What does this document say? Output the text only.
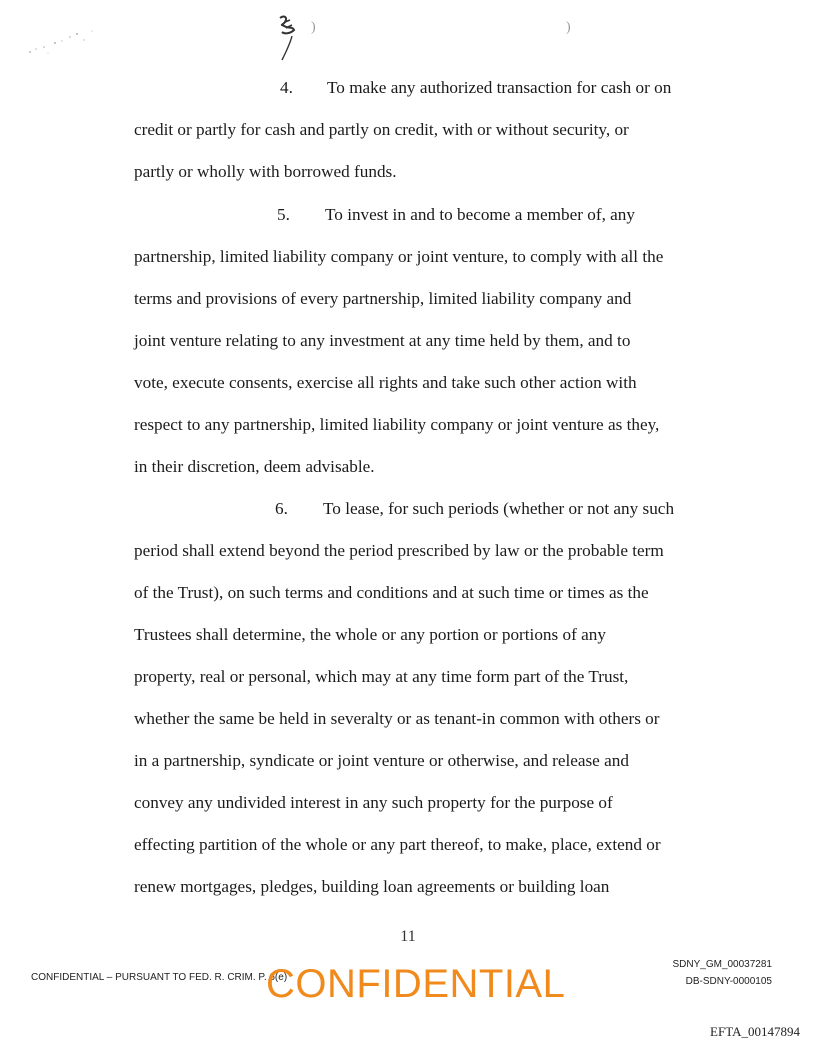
)	)

4. To make any authorized transaction for cash or on

credit or partly for cash and partly on credit, with or without security, or

partly or wholly with borrowed funds.

5. To invest in and to become a member of, any

partnership, limited liability company or joint venture, to comply with all the

terms and provisions of every partnership, limited liability company and

joint venture relating to any investment at any time held by them, and to

vote, execute consents, exercise all rights and take such other action with

respect to any partnership, limited liability company or joint venture as they,

in their discretion, deem advisable.

6. To lease, for such periods (whether or not any such

period shall extend beyond the period prescribed by law or the probable term

of the Trust), on such terms and conditions and at such time or times as the

Trustees shall determine, the whole or any portion or portions of any

property, real or personal, which may at any time form part of the Trust,

whether the same be held in severalty or as tenant-in common with others or

in a partnership, syndicate or joint venture or otherwise, and release and

convey any undivided interest in any such property for the purpose of

effecting partition of the whole or any part thereof, to make, place, extend or

renew mortgages, pledges, building loan agreements or building loan

11
CONFIDENTIAL – PURSUANT TO FED. R. CRIM. P. 6(e)
CONFIDENTIAL	SDNY_GM_00037281
DB-SDNY-0000105
EFTA_00147894
